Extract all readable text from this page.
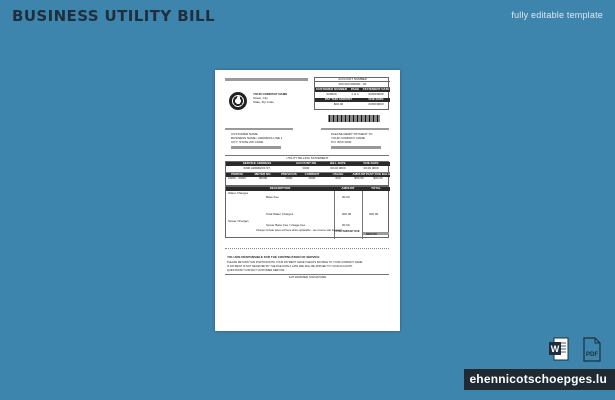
BUSINESS UTILITY BILL	fully editable template
YOUR COMPANY NAME
Street, City
State, Zip Code
ACCOUNT NUMBER
000 000 000000 - 00
CUSTOMER NUMBER	PAGE	STATEMENT DATE
000000	1 of 1	00/00/0000
PAY THIS AMOUNT	DUE DATE
$00.00	00/00/0000
CUSTOMER NAME
BUSINESS NAME / ADDRESS LINE 1
CITY, STATE ZIP CODE
PLEASE REMIT PAYMENT TO
YOUR COMPANY NAME
P.O. BOX 0000
UTILITY BILLING STATEMENT
SERVICE ADDRESS	ACCOUNT NO	BILL DATE	DUE DATE
0000 ADDRESS ST.	0000	00.00.0000	00.00.0000
PERIOD	METER NO.	PREVIOUS	CURRENT	USAGE	AMOUNT PAST DUE BALANCE
00/00 - 00/00	00000	0000	0000	000	$00.00	$00.00
DESCRIPTION	AMOUNT	TOTAL
Water Charges
Base Fee	00.00
Total Water Charges	000.00	000.00
Sewer Charges
Sewer Base Fee / Usage Fee	00.00
Charges include taxes and fees where applicable - see reverse side for details
TOTAL AMOUNT DUE
$000.00
YOU ARE RESPONSIBLE FOR THE CONTINUATION OF SERVICE
PLEASE RETURN THIS PORTION WITH YOUR PAYMENT. MAKE CHECKS PAYABLE TO YOUR COMPANY NAME.
IF PAYMENT IS NOT RECEIVED BY THE DUE DATE A LATE FEE WILL BE APPLIED TO YOUR ACCOUNT.
QUESTIONS? CONTACT CUSTOMER SERVICE
AUTHORIZED SIGNATURE
W
PDF
ehennicotschoepges.lu
